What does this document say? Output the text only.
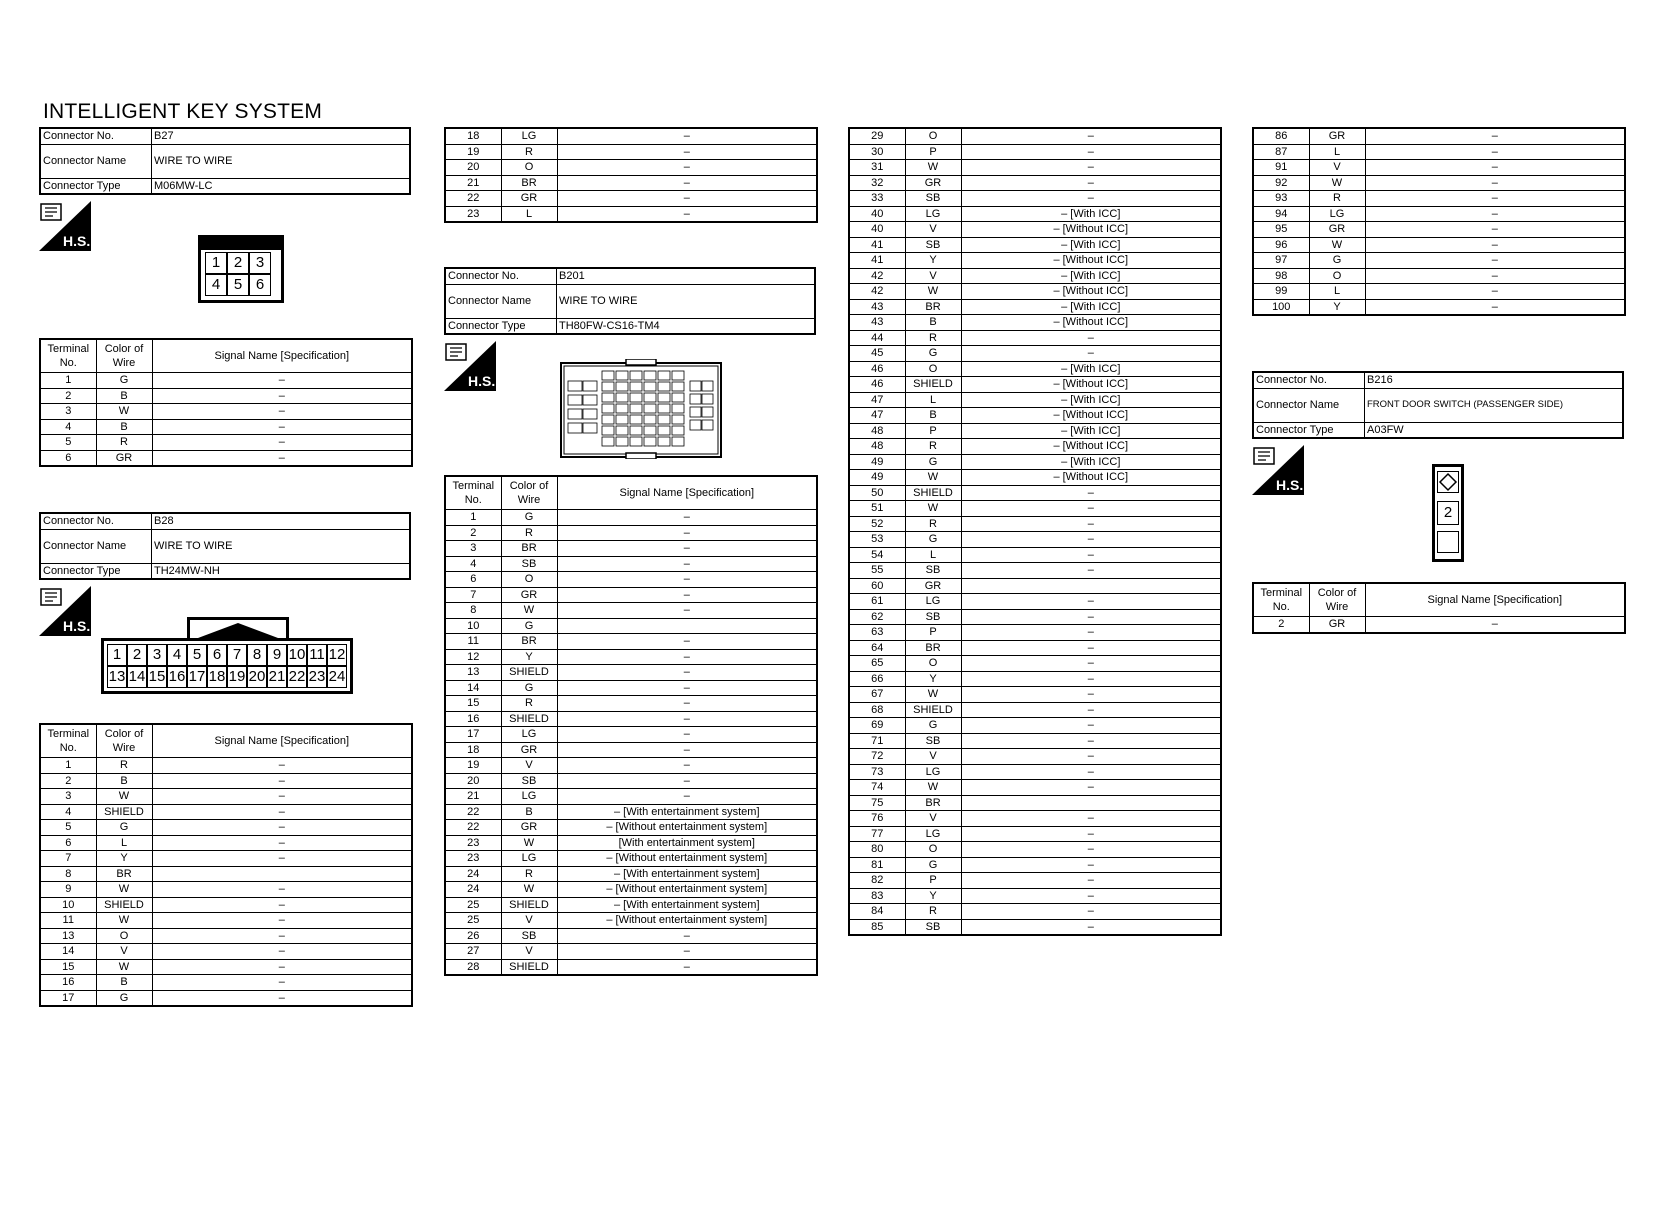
INTELLIGENT KEY SYSTEM
Connector No.	B27
Connector Name	WIRE TO WIRE
Connector Type	M06MW-LC
H.S.
1 2 3
4 5 6
Terminal No.	Color of Wire	Signal Name [Specification]
1	G	–
2	B	–
3	W	–
4	B	–
5	R	–
6	GR	–
Connector No.	B28
Connector Name	WIRE TO WIRE
Connector Type	TH24MW-NH
H.S.
1 2 3 4 5 6 7 8 9 10 11 12
13 14 15 16 17 18 19 20 21 22 23 24
Terminal No.	Color of Wire	Signal Name [Specification]
1	R	–
2	B	–
3	W	–
4	SHIELD	–
5	G	–
6	L	–
7	Y	–
8	BR	
9	W	–
10	SHIELD	–
11	W	–
13	O	–
14	V	–
15	W	–
16	B	–
17	G	–
18	LG	–
19	R	–
20	O	–
21	BR	–
22	GR	–
23	L	–
Connector No.	B201
Connector Name	WIRE TO WIRE
Connector Type	TH80FW-CS16-TM4
H.S.
Terminal No.	Color of Wire	Signal Name [Specification]
1	G	–
2	R	–
3	BR	–
4	SB	–
6	O	–
7	GR	–
8	W	–
10	G	
11	BR	–
12	Y	–
13	SHIELD	–
14	G	–
15	R	–
16	SHIELD	–
17	LG	–
18	GR	–
19	V	–
20	SB	–
21	LG	–
22	B	– [With entertainment system]
22	GR	– [Without entertainment system]
23	W	[With entertainment system]
23	LG	– [Without entertainment system]
24	R	– [With entertainment system]
24	W	– [Without entertainment system]
25	SHIELD	– [With entertainment system]
25	V	– [Without entertainment system]
26	SB	–
27	V	–
28	SHIELD	–
29	O	–
30	P	–
31	W	–
32	GR	–
33	SB	–
40	LG	– [With ICC]
40	V	– [Without ICC]
41	SB	– [With ICC]
41	Y	– [Without ICC]
42	V	– [With ICC]
42	W	– [Without ICC]
43	BR	– [With ICC]
43	B	– [Without ICC]
44	R	–
45	G	–
46	O	– [With ICC]
46	SHIELD	– [Without ICC]
47	L	– [With ICC]
47	B	– [Without ICC]
48	P	– [With ICC]
48	R	– [Without ICC]
49	G	– [With ICC]
49	W	– [Without ICC]
50	SHIELD	–
51	W	–
52	R	–
53	G	–
54	L	–
55	SB	–
60	GR	
61	LG	–
62	SB	–
63	P	–
64	BR	–
65	O	–
66	Y	–
67	W	–
68	SHIELD	–
69	G	–
71	SB	–
72	V	–
73	LG	–
74	W	–
75	BR	
76	V	–
77	LG	–
80	O	–
81	G	–
82	P	–
83	Y	–
84	R	–
85	SB	–
86	GR	–
87	L	–
91	V	–
92	W	–
93	R	–
94	LG	–
95	GR	–
96	W	–
97	G	–
98	O	–
99	L	–
100	Y	–
Connector No.	B216
Connector Name	FRONT DOOR SWITCH (PASSENGER SIDE)
Connector Type	A03FW
H.S.
2
Terminal No.	Color of Wire	Signal Name [Specification]
2	GR	–
